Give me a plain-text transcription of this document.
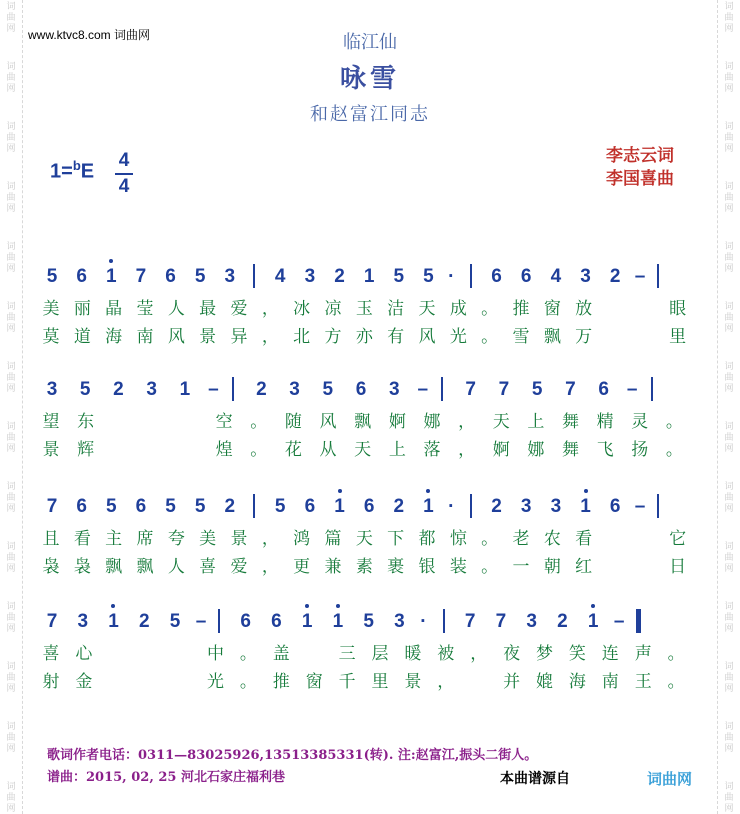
词
曲
网
词
曲
网
词
曲
网
词
曲
网
词
曲
网
词
曲
网
词
曲
网
词
曲
网
词
曲
网
词
曲
网
词
曲
网
词
曲
网
词
曲
网
词
曲
网
词
曲
网
词
曲
网
词
曲
网
词
曲
网
词
曲
网
词
曲
网
词
曲
网
词
曲
网
词
曲
网
词
曲
网
词
曲
网
词
曲
网
词
曲
网
词
曲
网
www.ktvc8.com 词曲网	临江仙
咏雪
和赵富江同志
1=$^b$E
4
4
李志云词
李国喜曲
5 6 1 7 6 5 3 4 3 2 1 5 5 · 6 6 4 3 2 –
美 丽 晶 莹 人 最 爱 ， 冰 凉 玉 洁 天 成 。 推 窗 放

　	眼
莫 道 海 南 风 景 异 ， 北 方 亦 有 风 光 。 雪 飘 万

　	里
3 5 2 3 1 – 2 3 5 6 3 – 7 7 5 7 6 –
望 东

　	空 。 随 风 飘 婀 娜 ， 天 上 舞 精 灵 。
景 辉

　	煌 。 花 从 天 上 落 ， 婀 娜 舞 飞 扬 。
7 6 5 6 5 5 2 5 6 1 6 2 1 · 2 3 3 1 6 –
且 看 主 席 夸 美 景 ， 鸿 篇 天 下 都 惊 。 老 农 看

　	它
袅 袅 飘 飘 人 喜 爱 ， 更 兼 素 裹 银 装 。 一 朝 红

　	日
7 3 1 2 5 – 6 6 1 1 5 3 · 7 7 3 2 1 –
喜 心

　	中 。 盖
　	三 层 暖 被 ， 夜 梦 笑 连 声 。
射 金

　	光 。 推 窗 千 里 景 ，
　	并 媲 海 南 王 。
歌词作者电话：0311—83025926,13513385331(转). 注:赵富江,振头二街人。
谱曲：2015, 02, 25 河北石家庄福利巷	本曲谱源自	词曲网
